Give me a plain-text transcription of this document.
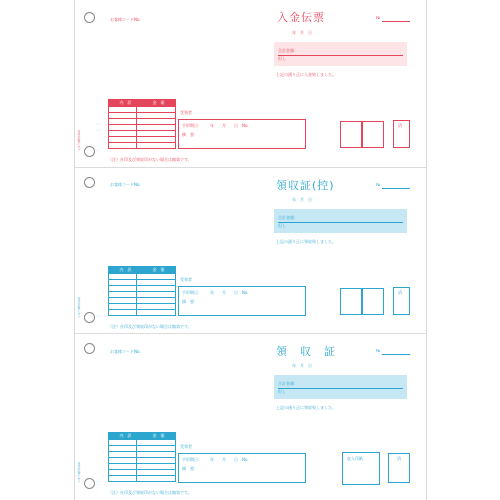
お客様コードNo.	入金伝票	№
年　月　日
合計金額：
但し
上記の通り正に入金致しました。
内　訳	金　額
受領者
手形期日：　　年　　月　　日　No.
摘　要：
済
（注）社印及び領収印がない場合は無効です。
ヒサゴ株式会社
お客様コードNo.	領収証(控)	№
年　月　日
合計金額：
但し
上記の通り正に領収致しました。
内　訳	金　額
受領者
手形期日：　　年　　月　　日　No.
摘　要：
済
（注）社印及び領収印がない場合は無効です。
ヒサゴ株式会社
お客様コードNo.	領　収　証	№
年　月　日
合計金額：
但し
上記の通り正に領収致しました。
内　訳	金　額
受領者
手形期日：　　年　　月　　日　No.
摘　要：
収入印紙	済
（注）社印及び領収印がない場合は無効です。
ヒサゴ株式会社
